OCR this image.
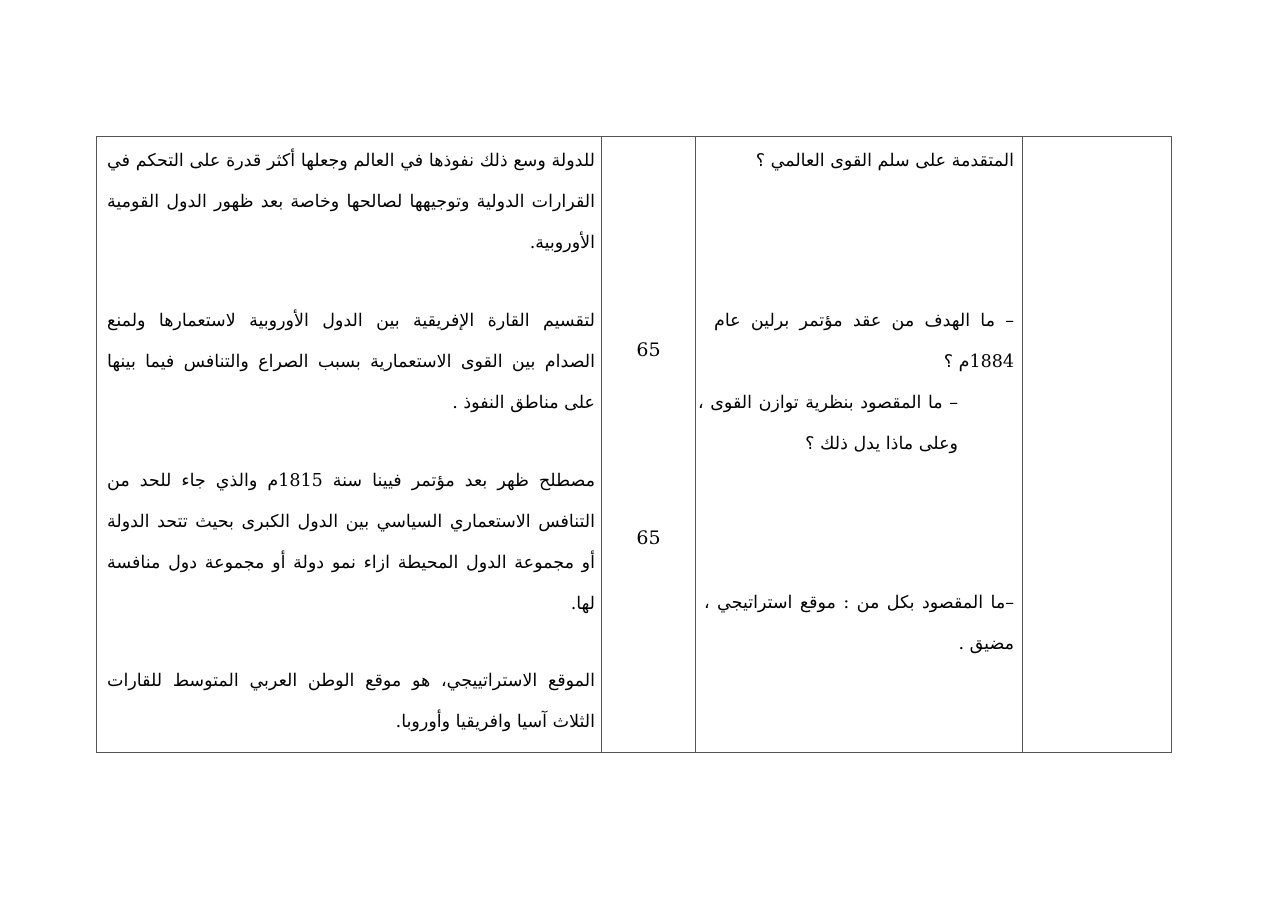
المتقدمة على سلم القوى العالمي ؟
– ما الهدف من عقد مؤتمر برلين عام 1884م ؟
– ما المقصود بنظرية توازن القوى ، وعلى ماذا يدل ذلك ؟
–ما المقصود بكل من : موقع استراتيجي ، مضيق .
65
65
للدولة وسع ذلك نفوذها في العالم وجعلها أكثر قدرة على التحكم في القرارات الدولية وتوجيهها لصالحها وخاصة بعد ظهور الدول القومية الأوروبية.
لتقسيم القارة الإفريقية بين الدول الأوروبية لاستعمارها ولمنع الصدام بين القوى الاستعمارية بسبب الصراع والتنافس فيما بينها على مناطق النفوذ .
مصطلح ظهر بعد مؤتمر فيينا سنة 1815م والذي جاء للحد من التنافس الاستعماري السياسي بين الدول الكبرى بحيث تتحد الدولة أو مجموعة الدول المحيطة ازاء نمو دولة أو مجموعة دول منافسة لها.
الموقع الاستراتييجي، هو موقع الوطن العربي المتوسط للقارات الثلاث آسيا وافريقيا وأوروبا.
